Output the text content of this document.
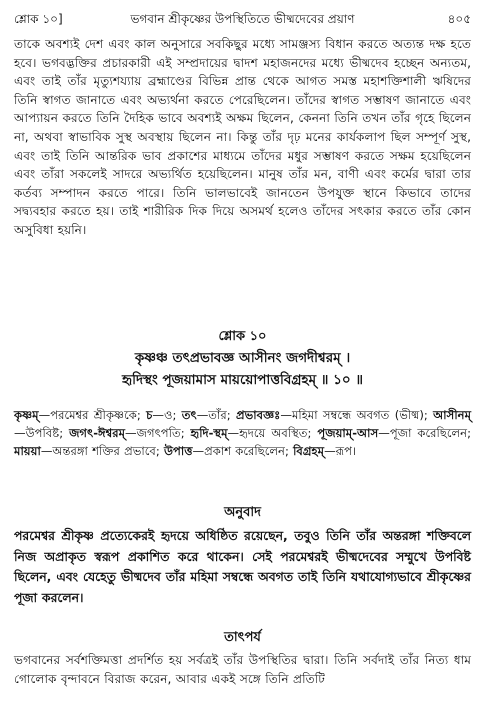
শ্লোক ১০]	ভগবান শ্রীকৃষ্ণের উপস্থিতিতে ভীষ্মদেবের প্রয়াণ	৪০৫
তাকে অবশ্যই দেশ এবং কাল অনুসারে সবকিছুর মধ্যে সামঞ্জস্য বিধান করতে অত্যন্ত দক্ষ হতে হবে। ভগবদ্ভক্তির প্রচারকারী এই সম্প্রদায়ের দ্বাদশ মহাজনদের মধ্যে ভীষ্মদেব হচ্ছেন অন্যতম, এবং তাই তাঁর মৃত্যুশয্যায় ব্রহ্মাণ্ডের বিভিন্ন প্রান্ত থেকে আগত সমস্ত মহাশক্তিশালী ঋষিদের তিনি স্বাগত জানাতে এবং অভ্যর্থনা করতে পেরেছিলেন। তাঁদের স্বাগত সম্ভাষণ জানাতে এবং আপ্যায়ন করতে তিনি দৈহিক ভাবে অবশ্যই অক্ষম ছিলেন, কেননা তিনি তখন তাঁর গৃহে ছিলেন না, অথবা স্বাভাবিক সুস্থ অবস্থায় ছিলেন না। কিন্তু তাঁর দৃঢ় মনের কার্যকলাপ ছিল সম্পূর্ণ সুস্থ, এবং তাই তিনি আন্তরিক ভাব প্রকাশের মাধ্যমে তাঁদের মধুর সম্ভাষণ করতে সক্ষম হয়েছিলেন এবং তাঁরা সকলেই সাদরে অভ্যর্থিত হয়েছিলেন। মানুষ তাঁর মন, বাণী এবং কর্মের দ্বারা তার কর্তব্য সম্পাদন করতে পারে। তিনি ভালভাবেই জানতেন উপযুক্ত স্থানে কিভাবে তাদের সদ্ব্যবহার করতে হয়। তাই শারীরিক দিক দিয়ে অসমর্থ হলেও তাঁদের সৎকার করতে তাঁর কোন অসুবিধা হয়নি।
শ্লোক ১০
কৃষ্ণঞ্চ তৎপ্রভাবজ্ঞ আসীনং জগদীশ্বরম্ ।
হৃদিস্থং পূজয়ামাস মায়য়োপাত্তবিগ্রহম্ ॥ ১০ ॥
কৃষ্ণম্—পরমেশ্বর শ্রীকৃষ্ণকে; চ—ও; তৎ—তাঁর; প্রভাবজ্ঞঃ—মহিমা সম্বন্ধে অবগত (ভীষ্ম); আসীনম্—উপবিষ্ট; জগৎ-ঈশ্বরম্—জগৎপতি; হৃদি-স্থম্—হৃদয়ে অবস্থিত; পূজয়াম্-আস—পূজা করেছিলেন; মায়য়া—অন্তরঙ্গা শক্তির প্রভাবে; উপাত্ত—প্রকাশ করেছিলেন; বিগ্রহম্—রূপ।
অনুবাদ
পরমেশ্বর শ্রীকৃষ্ণ প্রত্যেকেরই হৃদয়ে অধিষ্ঠিত রয়েছেন, তবুও তিনি তাঁর অন্তরঙ্গা শক্তিবলে নিজ অপ্রাকৃত স্বরূপ প্রকাশিত করে থাকেন। সেই পরমেশ্বরই ভীষ্মদেবের সম্মুখে উপবিষ্ট ছিলেন, এবং যেহেতু ভীষ্মদেব তাঁর মহিমা সম্বন্ধে অবগত তাই তিনি যথাযোগ্যভাবে শ্রীকৃষ্ণের পূজা করলেন।
তাৎপর্য
ভগবানের সর্বশক্তিমত্তা প্রদর্শিত হয় সর্বত্রই তাঁর উপস্থিতির দ্বারা। তিনি সর্বদাই তাঁর নিত্য ধাম গোলোক বৃন্দাবনে বিরাজ করেন, আবার একই সঙ্গে তিনি প্রতিটি
